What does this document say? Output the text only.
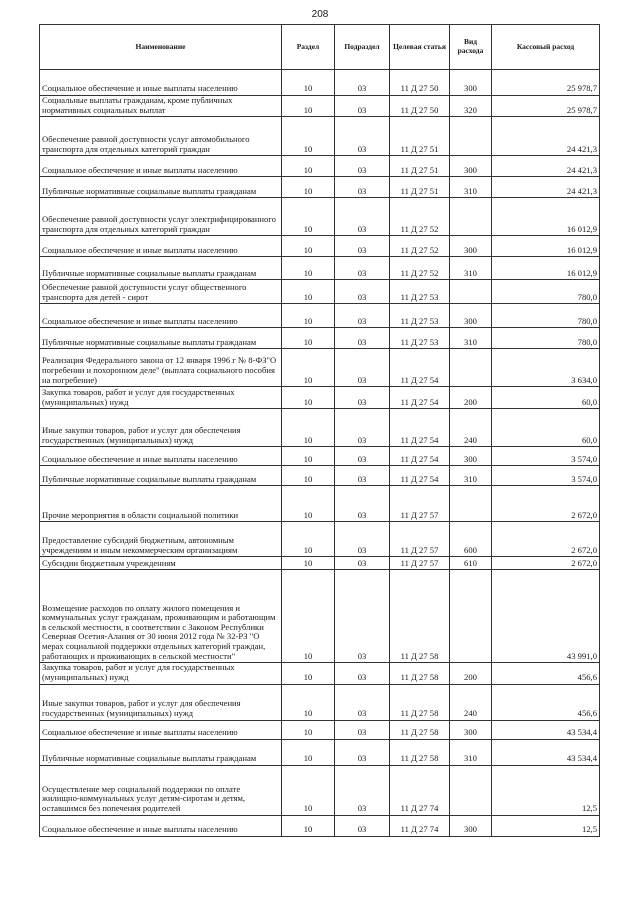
208
Наименование	Раздел	Подраздел	Целевая статья	Вид расхода	Кассовый расход
Социальное обеспечение и иные выплаты населению	10	03	11 Д 27 50	300	25 978,7
Социальные выплаты гражданам, кроме публичных нормативных социальных выплат	10	03	11 Д 27 50	320	25 978,7
Обеспечение равной доступности услуг автомобильного транспорта для отдельных категорий граждан	10	03	11 Д 27 51		24 421,3
Социальное обеспечение и иные выплаты населению	10	03	11 Д 27 51	300	24 421,3
Публичные нормативные социальные выплаты гражданам	10	03	11 Д 27 51	310	24 421,3
Обеспечение равной доступности услуг электрифицированного транспорта для отдельных категорий граждан	10	03	11 Д 27 52		16 012,9
Социальное обеспечение и иные выплаты населению	10	03	11 Д 27 52	300	16 012,9
Публичные нормативные социальные выплаты гражданам	10	03	11 Д 27 52	310	16 012,9
Обеспечение равной доступности услуг общественного транспорта для детей - сирот	10	03	11 Д 27 53		780,0
Социальное обеспечение и иные выплаты населению	10	03	11 Д 27 53	300	780,0
Публичные нормативные социальные выплаты гражданам	10	03	11 Д 27 53	310	780,0
Реализация Федерального закона от 12 января 1996 г № 8-ФЗ"О погребении и похоронном деле" (выплата социального пособия на погребение)	10	03	11 Д 27 54		3 634,0
Закупка товаров, работ и услуг для государственных (муниципальных) нужд	10	03	11 Д 27 54	200	60,0
Иные закупки товаров, работ и услуг для обеспечения государственных (муниципальных) нужд	10	03	11 Д 27 54	240	60,0
Социальное обеспечение и иные выплаты населению	10	03	11 Д 27 54	300	3 574,0
Публичные нормативные социальные выплаты гражданам	10	03	11 Д 27 54	310	3 574,0
Прочие мероприятия в области социальной политики	10	03	11 Д 27 57		2 672,0
Предоставление субсидий бюджетным, автономным учреждениям и иным некоммерческим организациям	10	03	11 Д 27 57	600	2 672,0
Субсидии бюджетным учреждениям	10	03	11 Д 27 57	610	2 672,0
Возмещение расходов по оплату жилого помещения и коммунальных услуг гражданам, проживающим и работающим в сельской местности, в соответствии с Законом Республики Северная Осетия-Алания от 30 июня 2012 года № 32-РЗ "О мерах социальной поддержки отдельных категорий граждан, работающих и проживающих в сельской местности"	10	03	11 Д 27 58		43 991,0
Закупка товаров, работ и услуг для государственных (муниципальных) нужд	10	03	11 Д 27 58	200	456,6
Иные закупки товаров, работ и услуг для обеспечения государственных (муниципальных) нужд	10	03	11 Д 27 58	240	456,6
Социальное обеспечение и иные выплаты населению	10	03	11 Д 27 58	300	43 534,4
Публичные нормативные социальные выплаты гражданам	10	03	11 Д 27 58	310	43 534,4
Осуществление мер социальной поддержки по оплате жилищно-коммунальных услуг детям-сиротам и детям, оставшимся без попечения родителей	10	03	11 Д 27 74		12,5
Социальное обеспечение и иные выплаты населению	10	03	11 Д 27 74	300	12,5
